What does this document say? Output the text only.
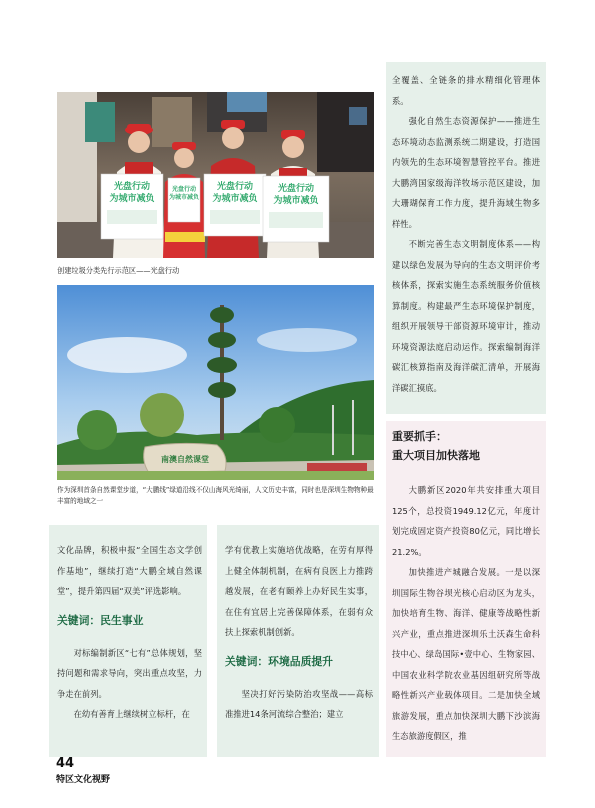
光盘行动
为城市减负
光盘行动
为城市减负
光盘行动
为城市减负
光盘行动
为城市减负
创建垃圾分类先行示范区——光盘行动
南澳自然课堂
作为深圳首条自然课堂步道，“大鹏线”绿道沿线不仅山海风光绮丽，人文历史丰富，同时也是深圳生物物种最丰富的地域之一

文化品牌，积极申报“全国生态文学创作基地”，继续打造“大鹏全域自然课堂”，提升第四届“双美”评选影响。

关键词：民生事业

对标编制新区“七有”总体规划，坚持问题和需求导向，突出重点攻坚，力争走在前列。

在幼有善育上继续树立标杆，在

学有优教上实施培优战略，在劳有厚得上健全体制机制，在病有良医上力推跨越发展，在老有颐养上办好民生实事，在住有宜居上完善保障体系，在弱有众扶上探索机制创新。

关键词：环境品质提升

坚决打好污染防治攻坚战——高标准推进14条河流综合整治；建立

全覆盖、全链条的排水精细化管理体系。

强化自然生态资源保护——推进生态环境动态监测系统二期建设，打造国内领先的生态环境智慧管控平台。推进大鹏湾国家级海洋牧场示范区建设，加大珊瑚保育工作力度，提升海域生物多样性。

不断完善生态文明制度体系——构建以绿色发展为导向的生态文明评价考核体系，探索实施生态系统服务价值核算制度。构建最严生态环境保护制度，组织开展领导干部资源环境审计，推动环境资源法庭启动运作。探索编制海洋碳汇核算指南及海洋碳汇清单，开展海洋碳汇摸底。

重要抓手：
重大项目加快落地

大鹏新区2020年共安排重大项目125个，总投资1949.12亿元，年度计划完成固定资产投资80亿元，同比增长21.2%。

加快推进产城融合发展。一是以深圳国际生物谷坝光核心启动区为龙头，加快培育生物、海洋、健康等战略性新兴产业，重点推进深圳乐土沃森生命科技中心、绿岛国际•壹中心、生物家园、中国农业科学院农业基因组研究所等战略性新兴产业载体项目。二是加快全域旅游发展，重点加快深圳大鹏下沙滨海生态旅游度假区，推

44
特区文化视野
